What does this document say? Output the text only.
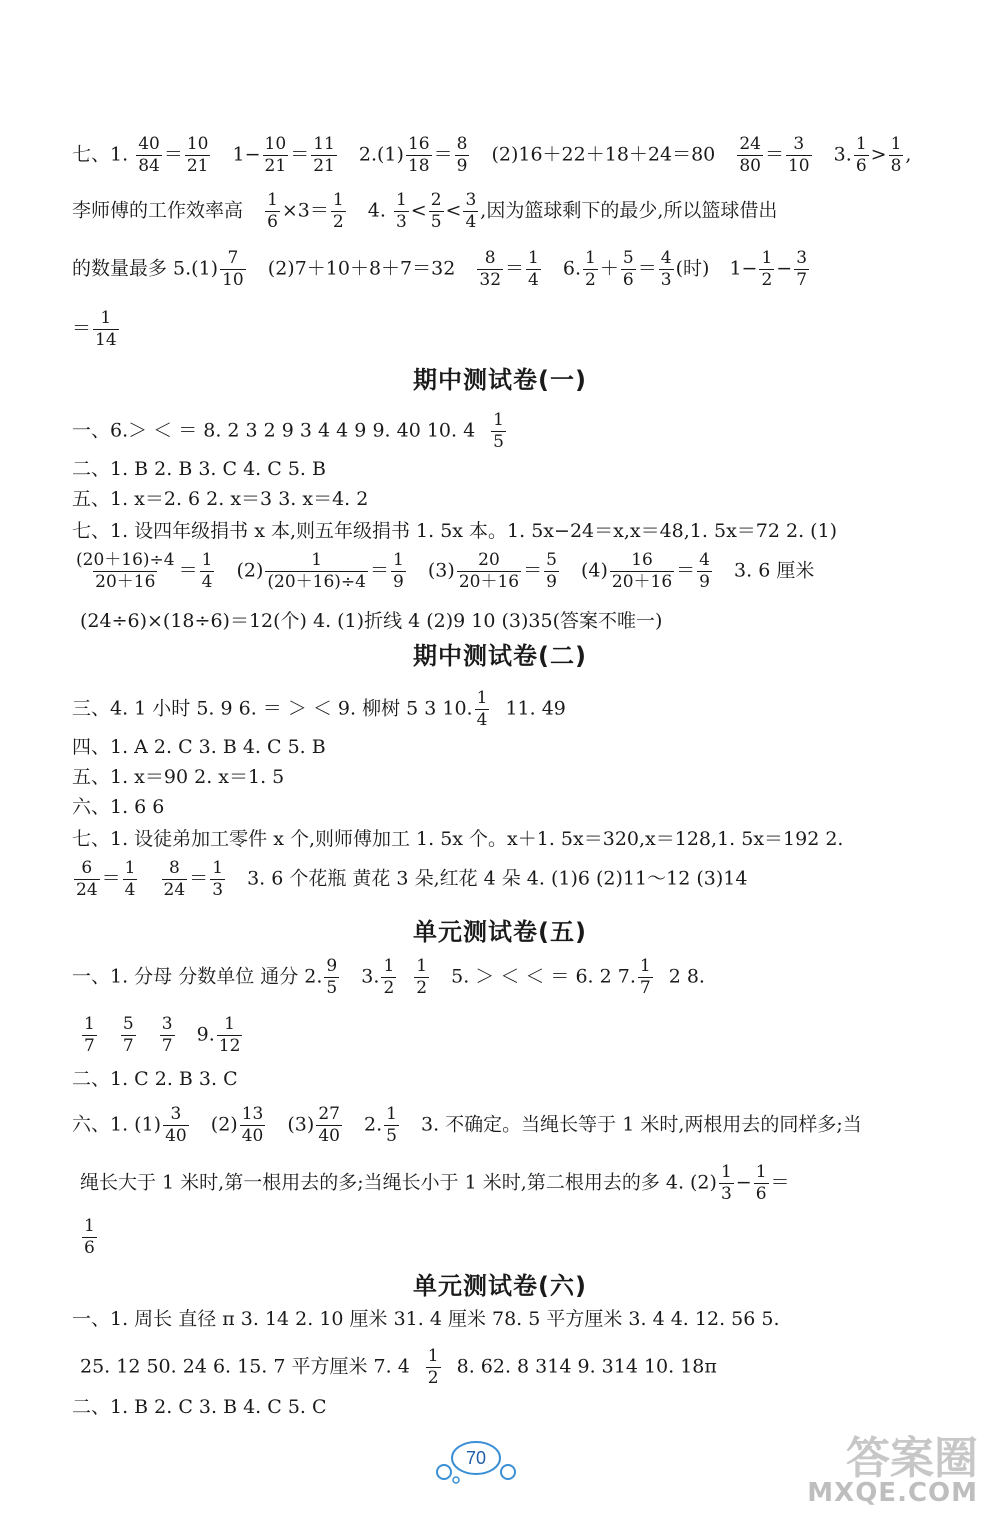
七、1. $\frac{40}{84} = \frac{10}{21} 1- \frac{10}{21} = \frac{11}{21} 2.(1) \frac{16}{18} = \frac{8}{9} (2)16+22+18+24=80 \frac{24}{80} = \frac{3}{10} 3$. $\frac{1}{6} > \frac{1}{8}$ ,
李师傅的工作效率高 $\frac{1}{6} \times 3= \frac{1}{2} 4$. $\frac{1}{3} < \frac{2}{5} < \frac{3}{4}$ ,因为篮球剩下的最少,所以篮球借出
的数量最多 $5.(1) \frac{7}{10} (2)7+10+8+7=32 \frac{8}{32} = \frac{1}{4} 6$. $\frac{1}{2} + \frac{5}{6} = \frac{4}{3}$ (时) $1- \frac{1}{2} - \frac{3}{7}$
＝ $\frac{1}{14}$
期中测试卷(一)
一、6.＞ ＜ ＝ 8. 2 3 2 9 3 4 4 9 9. 40 10. $4 \frac{1}{5}$
二、1. B 2. B 3. C 4. C 5. B
五、1. x＝2. 6 2. x＝3 3. x＝4. 2
七、1. 设四年级捐书 x 本,则五年级捐书 1. 5x 本。1. 5x−24＝x,x＝48,1. 5x＝72 2. (1)
$\frac{(20+16)\div 4}{20+16} = \frac{1}{4} (2) \frac{1}{(20+16)\div 4} = \frac{1}{9} (3) \frac{20}{20+16} = \frac{5}{9} (4) \frac{16}{20+16} = \frac{4}{9} 3$. 6 厘米
(24÷6)×(18÷6)＝12(个) 4. (1)折线 4 (2)9 10 (3)35(答案不唯一)
期中测试卷(二)
三、4. 1 小时 5. 9 6. ＝ ＞ ＜ 9. 柳树 5 3 10. $\frac{1}{4} 11$. 49
四、1. A 2. C 3. B 4. C 5. B
五、1. x＝90 2. x＝1. 5
六、1. 6 6
七、1. 设徒弟加工零件 x 个,则师傅加工 1. 5x 个。x＋1. 5x＝320,x＝128,1. 5x＝192 2.
$\frac{6}{24} = \frac{1}{4}$
$\frac{8}{24} = \frac{1}{3} 3$. 6 个花瓶 黄花 3 朵,红花 4 朵 4. (1)6 (2)11～12 (3)14
单元测试卷(五)
一、1. 分母 分数单位 通分 2. $\frac{9}{5} 3$. $\frac{1}{2} \frac{1}{2} 5$. ＞ ＜ ＜ ＝ 6. 2 7. $\frac{1}{7} 2$ 8.
$\frac{1}{7}$
$\frac{5}{7}$
$\frac{3}{7} 9$. $\frac{1}{12}$
二、1. C 2. B 3. C
六、1. $(1) \frac{3}{40} (2) \frac{13}{40} (3) \frac{27}{40} 2$. $\frac{1}{5} 3$. 不确定。当绳长等于 1 米时,两根用去的同样多;当
绳长大于 1 米时,第一根用去的多;当绳长小于 1 米时,第二根用去的多 4. $(2) \frac{1}{3} - \frac{1}{6}$ ＝
$\frac{1}{6}$
单元测试卷(六)
一、1. 周长 直径 π 3. 14 2. 10 厘米 31. 4 厘米 78. 5 平方厘米 3. 4 4. 12. 56 5.
25. 12 50. 24 6. 15. 7 平方厘米 7. $4 \frac{1}{2} 8$. 62. 8 314 9. 314 10. 18π
二、1. B 2. C 3. B 4. C 5. C
70	答案圈
MXQE.COM
